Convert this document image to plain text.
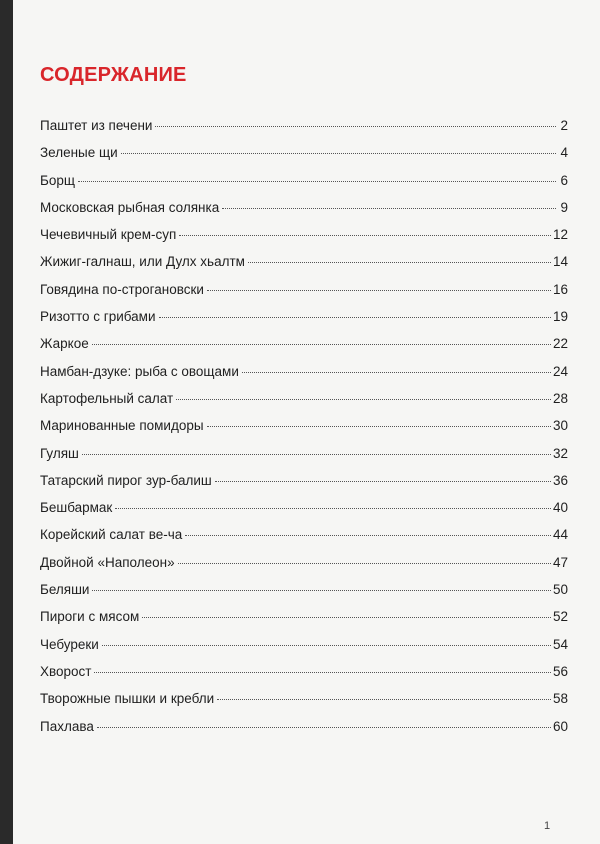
СОДЕРЖАНИЕ
Паштет из печени	2
Зеленые щи	4
Борщ	6
Московская рыбная солянка	9
Чечевичный крем-суп	12
Жижиг-галнаш, или Дулх хьалтм	14
Говядина по-строгановски	16
Ризотто с грибами	19
Жаркое	22
Намбан-дзуке: рыба с овощами	24
Картофельный салат	28
Маринованные помидоры	30
Гуляш	32
Татарский пирог зур-балиш	36
Бешбармак	40
Корейский салат ве-ча	44
Двойной «Наполеон»	47
Беляши	50
Пироги с мясом	52
Чебуреки	54
Хворост	56
Творожные пышки и кребли	58
Пахлава	60
1
